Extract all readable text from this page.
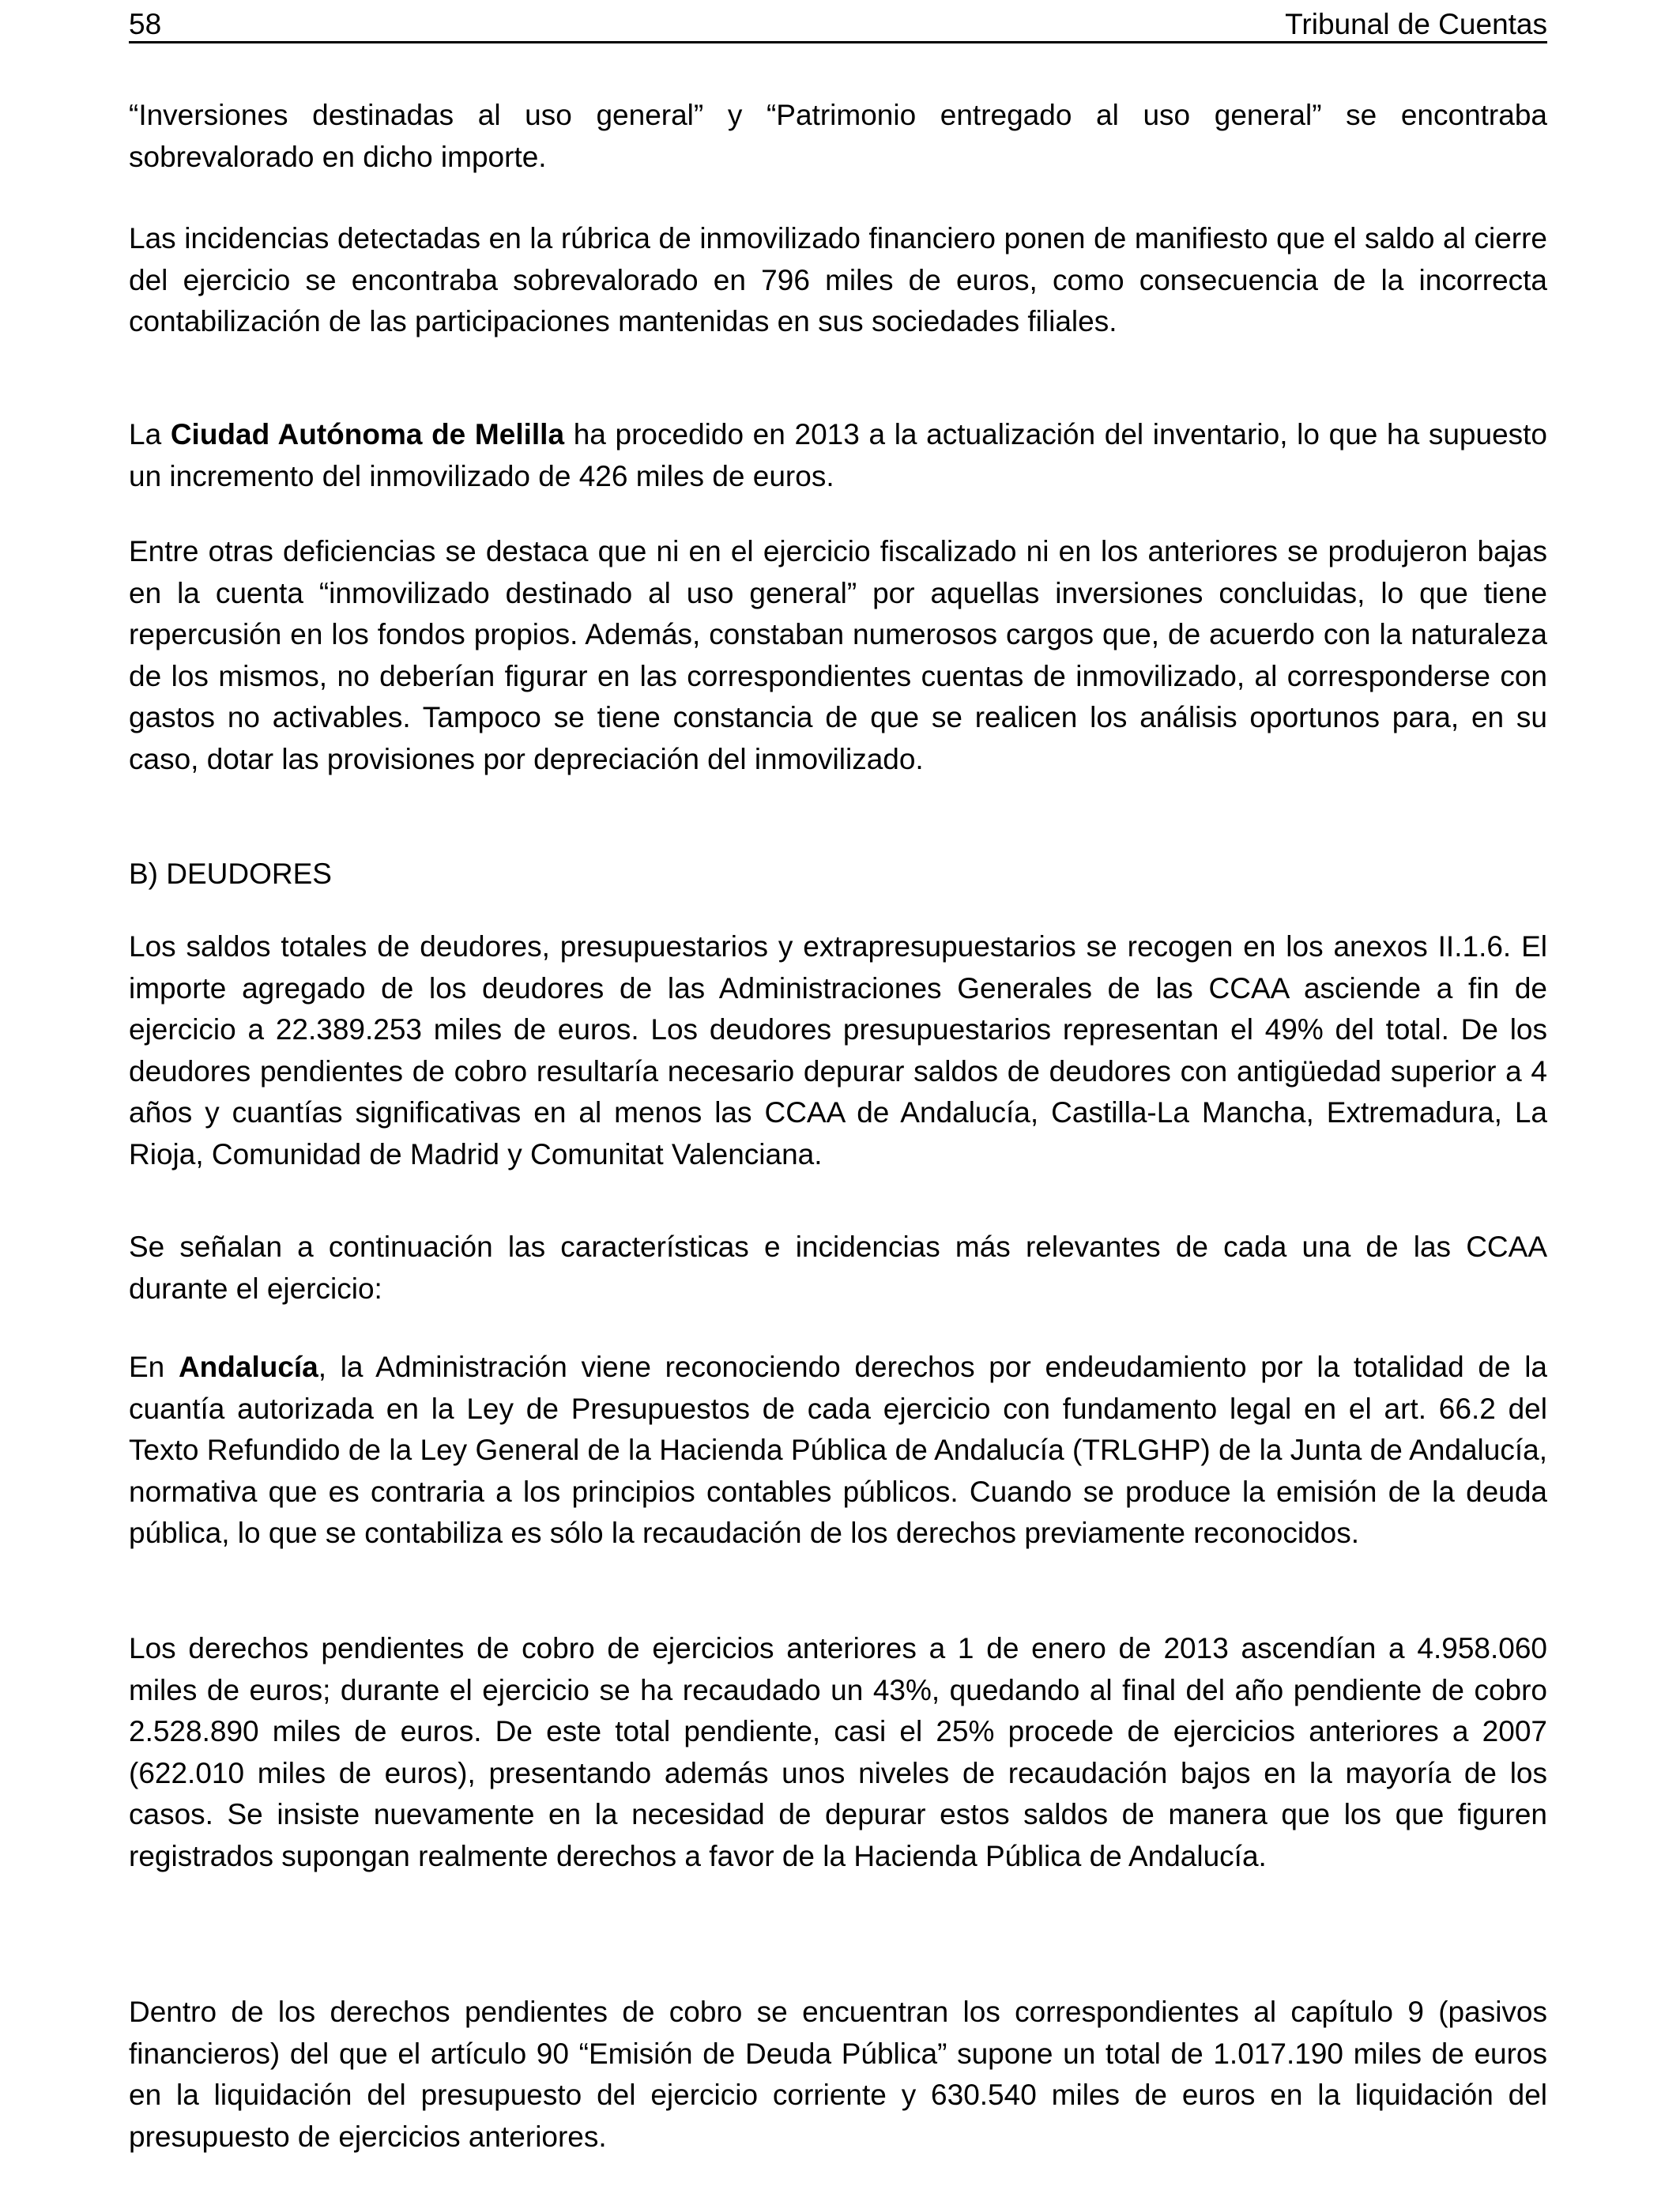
58	Tribunal de Cuentas

“Inversiones destinadas al uso general” y “Patrimonio entregado al uso general” se encontraba sobrevalorado en dicho importe.

Las incidencias detectadas en la rúbrica de inmovilizado financiero ponen de manifiesto que el saldo al cierre del ejercicio se encontraba sobrevalorado en 796 miles de euros, como consecuencia de la incorrecta contabilización de las participaciones mantenidas en sus sociedades filiales.

La Ciudad Autónoma de Melilla ha procedido en 2013 a la actualización del inventario, lo que ha supuesto un incremento del inmovilizado de 426 miles de euros.

Entre otras deficiencias se destaca que ni en el ejercicio fiscalizado ni en los anteriores se produjeron bajas en la cuenta “inmovilizado destinado al uso general” por aquellas inversiones concluidas, lo que tiene repercusión en los fondos propios. Además, constaban numerosos cargos que, de acuerdo con la naturaleza de los mismos, no deberían figurar en las correspondientes cuentas de inmovilizado, al corresponderse con gastos no activables. Tampoco se tiene constancia de que se realicen los análisis oportunos para, en su caso, dotar las provisiones por depreciación del inmovilizado.

B) DEUDORES

Los saldos totales de deudores, presupuestarios y extrapresupuestarios se recogen en los anexos II.1.6. El importe agregado de los deudores de las Administraciones Generales de las CCAA asciende a fin de ejercicio a 22.389.253 miles de euros. Los deudores presupuestarios representan el 49% del total. De los deudores pendientes de cobro resultaría necesario depurar saldos de deudores con antigüedad superior a 4 años y cuantías significativas en al menos las CCAA de Andalucía, Castilla-La Mancha, Extremadura, La Rioja, Comunidad de Madrid y Comunitat Valenciana.

Se señalan a continuación las características e incidencias más relevantes de cada una de las CCAA durante el ejercicio:

En Andalucía, la Administración viene reconociendo derechos por endeudamiento por la totalidad de la cuantía autorizada en la Ley de Presupuestos de cada ejercicio con fundamento legal en el art. 66.2 del Texto Refundido de la Ley General de la Hacienda Pública de Andalucía (TRLGHP) de la Junta de Andalucía, normativa que es contraria a los principios contables públicos. Cuando se produce la emisión de la deuda pública, lo que se contabiliza es sólo la recaudación de los derechos previamente reconocidos.

Los derechos pendientes de cobro de ejercicios anteriores a 1 de enero de 2013 ascendían a 4.958.060 miles de euros; durante el ejercicio se ha recaudado un 43%, quedando al final del año pendiente de cobro 2.528.890 miles de euros. De este total pendiente, casi el 25% procede de ejercicios anteriores a 2007 (622.010 miles de euros), presentando además unos niveles de recaudación bajos en la mayoría de los casos. Se insiste nuevamente en la necesidad de depurar estos saldos de manera que los que figuren registrados supongan realmente derechos a favor de la Hacienda Pública de Andalucía.

Dentro de los derechos pendientes de cobro se encuentran los correspondientes al capítulo 9 (pasivos financieros) del que el artículo 90 “Emisión de Deuda Pública” supone un total de 1.017.190 miles de euros en la liquidación del presupuesto del ejercicio corriente y 630.540 miles de euros en la liquidación del presupuesto de ejercicios anteriores.
